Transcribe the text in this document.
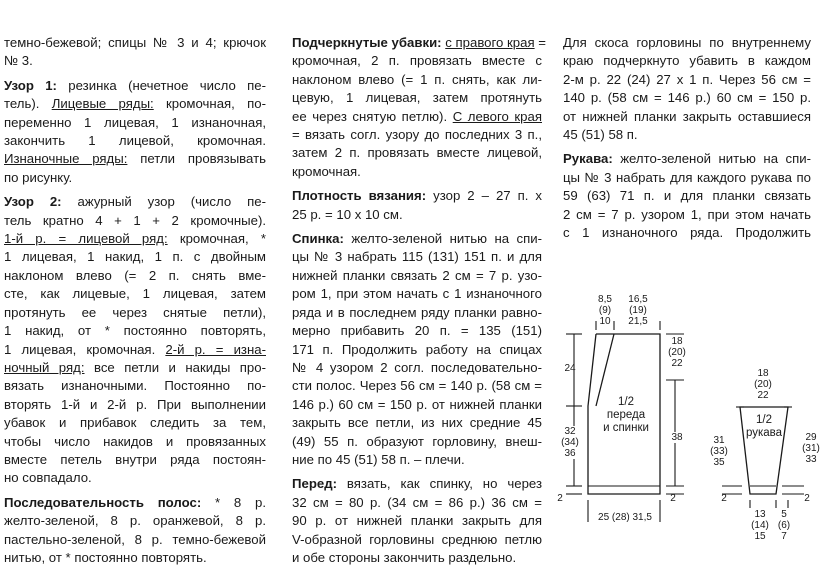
темно-бежевой; спицы № 3 и 4; крючок
№ 3.
Узор 1: резинка (нечетное число пе-
тель). Лицевые ряды: кромочная, по-
переменно 1 лицевая, 1 изнаночная,
закончить 1 лицевой, кромочная.
Изнаночные ряды: петли провязывать
по рисунку.
Узор 2: ажурный узор (число пе-
тель кратно 4 + 1 + 2 кромочные).
1-й р. = лицевой ряд: кромочная, *
1 лицевая, 1 накид, 1 п. с двойным
наклоном влево (= 2 п. снять вме-
сте, как лицевые, 1 лицевая, затем
протянуть ее через снятые петли),
1 накид, от * постоянно повторять,
1 лицевая, кромочная. 2-й р. = изна-
ночный ряд: все петли и накиды про-
вязать изнаночными. Постоянно по-
вторять 1-й и 2-й р. При выполнении
убавок и прибавок следить за тем,
чтобы число накидов и провязанных
вместе петель внутри ряда постоян-
но совпадало.
Последовательность полос: * 8 р.
желто-зеленой, 8 р. оранжевой, 8 р.
пастельно-зеленой, 8 р. темно-бежевой
нитью, от * постоянно повторять.
Подчеркнутые убавки: с правого края =
кромочная, 2 п. провязать вместе с
наклоном влево (= 1 п. снять, как ли-
цевую, 1 лицевая, затем протянуть
ее через снятую петлю). С левого края
= вязать согл. узору до последних 3 п.,
затем 2 п. провязать вместе лицевой,
кромочная.
Плотность вязания: узор 2 – 27 п. х
25 р. = 10 х 10 см.
Спинка: желто-зеленой нитью на спи-
цы № 3 набрать 115 (131) 151 п. и для
нижней планки связать 2 см = 7 р. узо-
ром 1, при этом начать с 1 изнаночного
ряда и в последнем ряду планки равно-
мерно прибавить 20 п. = 135 (151)
171 п. Продолжить работу на спицах
№ 4 узором 2 согл. последовательно-
сти полос. Через 56 см = 140 р. (58 см =
146 р.) 60 см = 150 р. от нижней планки
закрыть все петли, из них средние 45
(49) 55 п. образуют горловину, внеш-
ние по 45 (51) 58 п. – плечи.
Перед: вязать, как спинку, но через
32 см = 80 р. (34 см = 86 р.) 36 см =
90 р. от нижней планки закрыть для
V-образной горловины среднюю петлю
и обе стороны закончить раздельно.
Для скоса горловины по внутреннему
краю подчеркнуто убавить в каждом
2-м р. 22 (24) 27 х 1 п. Через 56 см =
140 р. (58 см = 146 р.) 60 см = 150 р.
от нижней планки закрыть оставшиеся
45 (51) 58 п.
Рукава: желто-зеленой нитью на спи-
цы № 3 набрать для каждого рукава по
59 (63) 71 п. и для планки связать
2 см = 7 р. узором 1, при этом начать
с 1 изнаночного ряда. Продолжить
8,5
(9)
10
16,5
(19)
21,5
24
32
(34)
36
18
(20)
22
38
1/2
переда
и спинки
2	2
25 (28) 31,5
18
(20)
22
1/2
рукава
31
(33)
35
29
(31)
33
2	2
13
(14)
15
5
(6)
7
